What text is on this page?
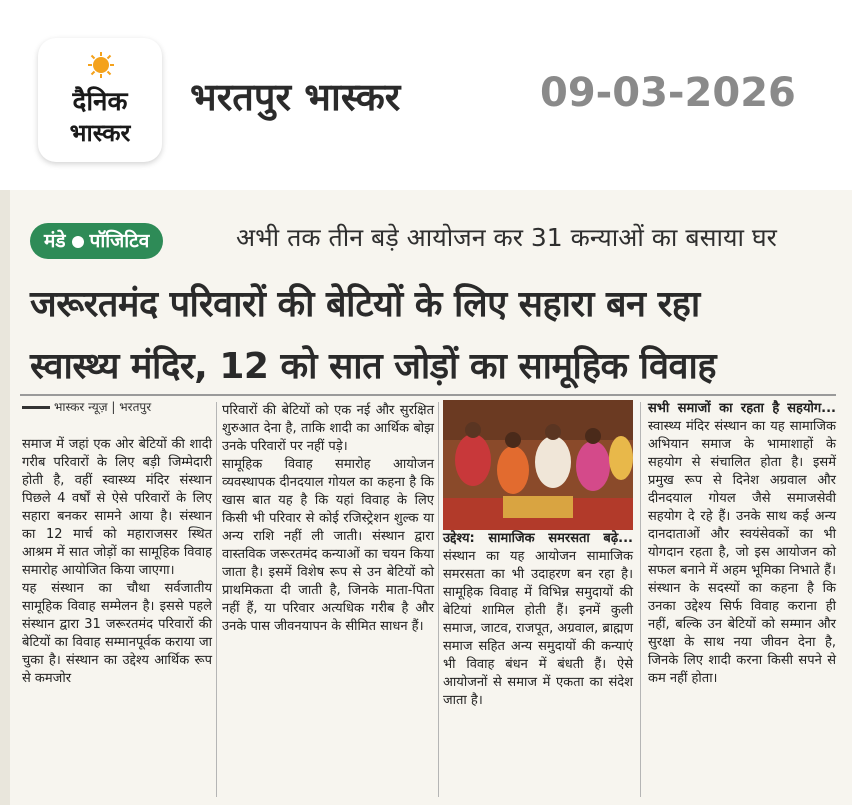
दैनिक
भास्कर
भरतपुर भास्कर	09-03-2026
मंडे पॉजिटिव	अभी तक तीन बड़े आयोजन कर 31 कन्याओं का बसाया घर
जरूरतमंद परिवारों की बेटियों के लिए सहारा बन रहा
स्वास्थ्य मंदिर, 12 को सात जोड़ों का सामूहिक विवाह
भास्कर न्यूज़ | भरतपुर

समाज में जहां एक ओर बेटियों की शादी गरीब परिवारों के लिए बड़ी जिम्मेदारी होती है, वहीं स्वास्थ्य मंदिर संस्थान पिछले 4 वर्षों से ऐसे परिवारों के लिए सहारा बनकर सामने आया है। संस्थान का 12 मार्च को महाराजसर स्थित आश्रम में सात जोड़ों का सामूहिक विवाह समारोह आयोजित किया जाएगा।

यह संस्थान का चौथा सर्वजातीय सामूहिक विवाह सम्मेलन है। इससे पहले संस्थान द्वारा 31 जरूरतमंद परिवारों की बेटियों का विवाह सम्मानपूर्वक कराया जा चुका है। संस्थान का उद्देश्य आर्थिक रूप से कमजोर

परिवारों की बेटियों को एक नई और सुरक्षित शुरुआत देना है, ताकि शादी का आर्थिक बोझ उनके परिवारों पर नहीं पड़े।

सामूहिक विवाह समारोह आयोजन व्यवस्थापक दीनदयाल गोयल का कहना है कि खास बात यह है कि यहां विवाह के लिए किसी भी परिवार से कोई रजिस्ट्रेशन शुल्क या अन्य राशि नहीं ली जाती। संस्थान द्वारा वास्तविक जरूरतमंद कन्याओं का चयन किया जाता है। इसमें विशेष रूप से उन बेटियों को प्राथमिकता दी जाती है, जिनके माता-पिता नहीं हैं, या परिवार अत्यधिक गरीब है और उनके पास जीवनयापन के सीमित साधन हैं।

उद्देश्य: सामाजिक समरसता बढ़े... संस्थान का यह आयोजन सामाजिक समरसता का भी उदाहरण बन रहा है। सामूहिक विवाह में विभिन्न समुदायों की बेटियां शामिल होती हैं। इनमें कुली समाज, जाटव, राजपूत, अग्रवाल, ब्राह्मण समाज सहित अन्य समुदायों की कन्याएं भी विवाह बंधन में बंधती हैं। ऐसे आयोजनों से समाज में एकता का संदेश जाता है।

सभी समाजों का रहता है सहयोग... स्वास्थ्य मंदिर संस्थान का यह सामाजिक अभियान समाज के भामाशाहों के सहयोग से संचालित होता है। इसमें प्रमुख रूप से दिनेश अग्रवाल और दीनदयाल गोयल जैसे समाजसेवी सहयोग दे रहे हैं। उनके साथ कई अन्य दानदाताओं और स्वयंसेवकों का भी योगदान रहता है, जो इस आयोजन को सफल बनाने में अहम भूमिका निभाते हैं। संस्थान के सदस्यों का कहना है कि उनका उद्देश्य सिर्फ विवाह कराना ही नहीं, बल्कि उन बेटियों को सम्मान और सुरक्षा के साथ नया जीवन देना है, जिनके लिए शादी करना किसी सपने से कम नहीं होता।
